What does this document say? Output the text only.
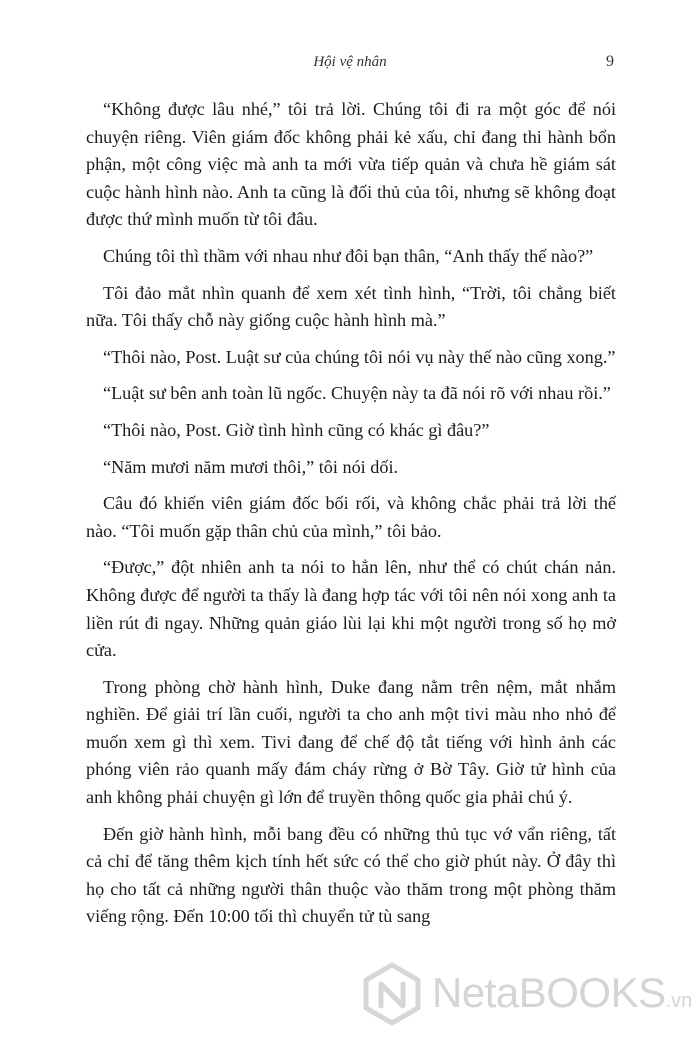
Hội vệ nhân	9

“Không được lâu nhé,” tôi trả lời. Chúng tôi đi ra một góc để nói chuyện riêng. Viên giám đốc không phải kẻ xấu, chỉ đang thi hành bổn phận, một công việc mà anh ta mới vừa tiếp quản và chưa hề giám sát cuộc hành hình nào. Anh ta cũng là đối thủ của tôi, nhưng sẽ không đoạt được thứ mình muốn từ tôi đâu.

Chúng tôi thì thầm với nhau như đôi bạn thân, “Anh thấy thế nào?”

Tôi đảo mắt nhìn quanh để xem xét tình hình, “Trời, tôi chẳng biết nữa. Tôi thấy chỗ này giống cuộc hành hình mà.”

“Thôi nào, Post. Luật sư của chúng tôi nói vụ này thế nào cũng xong.”

“Luật sư bên anh toàn lũ ngốc. Chuyện này ta đã nói rõ với nhau rồi.”

“Thôi nào, Post. Giờ tình hình cũng có khác gì đâu?”

“Năm mươi năm mươi thôi,” tôi nói dối.

Câu đó khiến viên giám đốc bối rối, và không chắc phải trả lời thế nào. “Tôi muốn gặp thân chủ của mình,” tôi bảo.

“Được,” đột nhiên anh ta nói to hẳn lên, như thể có chút chán nản. Không được để người ta thấy là đang hợp tác với tôi nên nói xong anh ta liền rút đi ngay. Những quản giáo lùi lại khi một người trong số họ mở cửa.

Trong phòng chờ hành hình, Duke đang nằm trên nệm, mắt nhắm nghiền. Để giải trí lần cuối, người ta cho anh một tivi màu nho nhỏ để muốn xem gì thì xem. Tivi đang để chế độ tắt tiếng với hình ảnh các phóng viên rảo quanh mấy đám cháy rừng ở Bờ Tây. Giờ tử hình của anh không phải chuyện gì lớn để truyền thông quốc gia phải chú ý.

Đến giờ hành hình, mỗi bang đều có những thủ tục vớ vẩn riêng, tất cả chỉ để tăng thêm kịch tính hết sức có thể cho giờ phút này. Ở đây thì họ cho tất cả những người thân thuộc vào thăm trong một phòng thăm viếng rộng. Đến 10:00 tối thì chuyển tử tù sang

NetaBOOKS.vn
